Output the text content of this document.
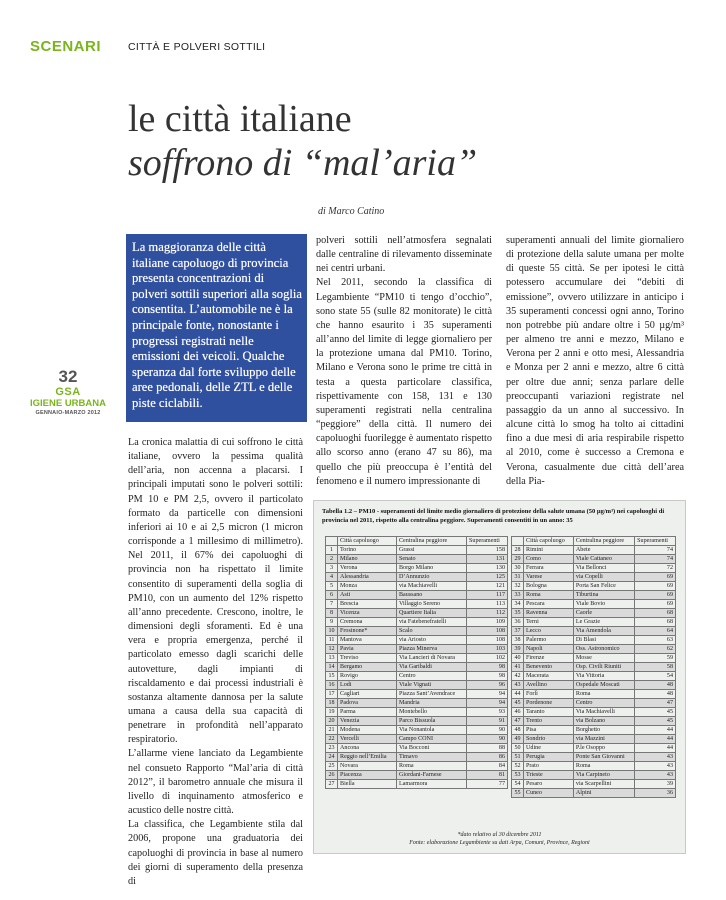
SCENARI	CITTÀ E POLVERI SOTTILI
le città italiane
soffrono di “mal’aria”
di Marco Catino
32
GSA
IGIENE URBANA
GENNAIO-MARZO 2012

La maggioranza delle città italiane capoluogo di provincia presenta concentrazioni di polveri sottili superiori alla soglia consentita. L’automobile ne è la principale fonte, nonostante i progressi registrati nelle emissioni dei veicoli. Qualche speranza dal forte sviluppo delle aree pedonali, delle ZTL e delle piste ciclabili.

La cronica malattia di cui soffrono le città italiane, ovvero la pessima qualità dell’aria, non accenna a placarsi. I principali imputati sono le polveri sottili: PM 10 e PM 2,5, ovvero il particolato formato da particelle con dimensioni inferiori ai 10 e ai 2,5 micron (1 micron corrisponde a 1 millesimo di millimetro). Nel 2011, il 67% dei capoluoghi di provincia non ha rispettato il limite consentito di superamenti della soglia di PM10, con un aumento del 12% rispetto all’anno precedente. Crescono, inoltre, le dimensioni degli sforamenti. Ed è una vera e propria emergenza, perché il particolato emesso dagli scarichi delle autovetture, dagli impianti di riscaldamento e dai processi industriali è sostanza altamente dannosa per la salute umana a causa della sua capacità di penetrare in profondità nell’apparato respiratorio.

L’allarme viene lanciato da Legambiente nel consueto Rapporto “Mal’aria di città 2012”, il barometro annuale che misura il livello di inquinamento atmosferico e acustico delle nostre città.

La classifica, che Legambiente stila dal 2006, propone una graduatoria dei capoluoghi di provincia in base al numero dei giorni di superamento della presenza di

polveri sottili nell’atmosfera segnalati dalle centraline di rilevamento disseminate nei centri urbani.

Nel 2011, secondo la classifica di Legambiente “PM10 ti tengo d’occhio”, sono state 55 (sulle 82 monitorate) le città che hanno esaurito i 35 superamenti all’anno del limite di legge giornaliero per la protezione umana dal PM10. Torino, Milano e Verona sono le prime tre città in testa a questa particolare classifica, rispettivamente con 158, 131 e 130 superamenti registrati nella centralina “peggiore” della città. Il numero dei capoluoghi fuorilegge è aumentato rispetto allo scorso anno (erano 47 su 86), ma quello che più preoccupa è l’entità del fenomeno e il numero impressionante di

superamenti annuali del limite giornaliero di protezione della salute umana per molte di queste 55 città. Se per ipotesi le città potessero accumulare dei “debiti di emissione”, ovvero utilizzare in anticipo i 35 superamenti concessi ogni anno, Torino non potrebbe più andare oltre i 50 µg/m³ per almeno tre anni e mezzo, Milano e Verona per 2 anni e otto mesi, Alessandria e Monza per 2 anni e mezzo, altre 6 città per oltre due anni; senza parlare delle preoccupanti variazioni registrate nel passaggio da un anno al successivo. In alcune città lo smog ha tolto ai cittadini fino a due mesi di aria respirabile rispetto al 2010, come è successo a Cremona e Verona, casualmente due città dell’area della Pia-

Tabella 1.2 – PM10 - superamenti del limite medio giornaliero di protezione della salute umana (50 µg/m³) nei capoluoghi di provincia nel 2011, rispetto alla centralina peggiore. Superamenti consentiti in un anno: 35
	Città capoluogo	Centralina peggiore	Superamenti
1	Torino	Grassi	158
2	Milano	Senato	131
3	Verona	Borgo Milano	130
4	Alessandria	D’Annunzio	125
5	Monza	via Machiavelli	121
6	Asti	Baussano	117
7	Brescia	Villaggio Sereno	113
8	Vicenza	Quartiere Italia	112
9	Cremona	via Fatebenefratelli	109
10	Frosinone*	Scalo	108
11	Mantova	via Ariosto	108
12	Pavia	Piazza Minerva	103
13	Treviso	Via Lancieri di Novara	102
14	Bergamo	Via Garibaldi	98
15	Rovigo	Centro	98
16	Lodi	Viale Vignati	96
17	Cagliari	Piazza Sant’Avendrace	94
18	Padova	Mandria	94
19	Parma	Montebello	93
20	Venezia	Parco Bissuola	91
21	Modena	Via Nonantola	90
22	Vercelli	Campo CONI	90
23	Ancona	Via Bocconi	88
24	Reggio nell’Emilia	Timavo	86
25	Novara	Roma	84
26	Piacenza	Giordani-Farnese	81
27	Biella	Lamarmora	77
	Città capoluogo	Centralina peggiore	Superamenti
28	Rimini	Abete	74
29	Como	Viale Cattaneo	74
30	Ferrara	Via Bellonci	72
31	Varese	via Copelli	69
32	Bologna	Porta San Felice	69
33	Roma	Tiburtina	69
34	Pescara	Viale Bovio	69
35	Ravenna	Caorle	68
36	Terni	Le Grazie	68
37	Lecco	Via Amendola	64
38	Palermo	Di Blasi	63
39	Napoli	Oss. Astronomico	62
40	Firenze	Mosse	59
41	Benevento	Osp. Civili Riuniti	58
42	Macerata	Via Vittoria	54
43	Avellino	Ospedale Moscati	48
44	Forlì	Roma	48
45	Pordenone	Centro	47
46	Taranto	Via Machiavelli	45
47	Trento	via Bolzano	45
48	Pisa	Borghetto	44
49	Sondrio	via Mazzini	44
50	Udine	P.le Osoppo	44
51	Perugia	Ponte San Giovanni	43
52	Prato	Roma	43
53	Trieste	Via Carpineto	43
54	Pesaro	via Scarpellini	39
55	Cuneo	Alpini	36
*dato relativo al 30 dicembre 2011
Fonte: elaborazione Legambiente su dati Arpa, Comuni, Province, Regioni
